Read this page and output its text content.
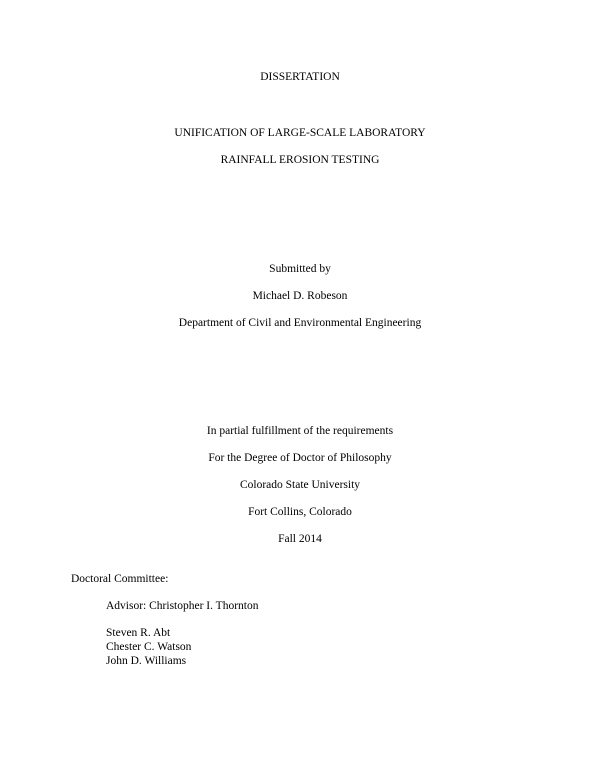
DISSERTATION
UNIFICATION OF LARGE-SCALE LABORATORY
RAINFALL EROSION TESTING
Submitted by
Michael D. Robeson
Department of Civil and Environmental Engineering
In partial fulfillment of the requirements
For the Degree of Doctor of Philosophy
Colorado State University
Fort Collins, Colorado
Fall 2014
Doctoral Committee:
Advisor: Christopher I. Thornton
Steven R. Abt
Chester C. Watson
John D. Williams
